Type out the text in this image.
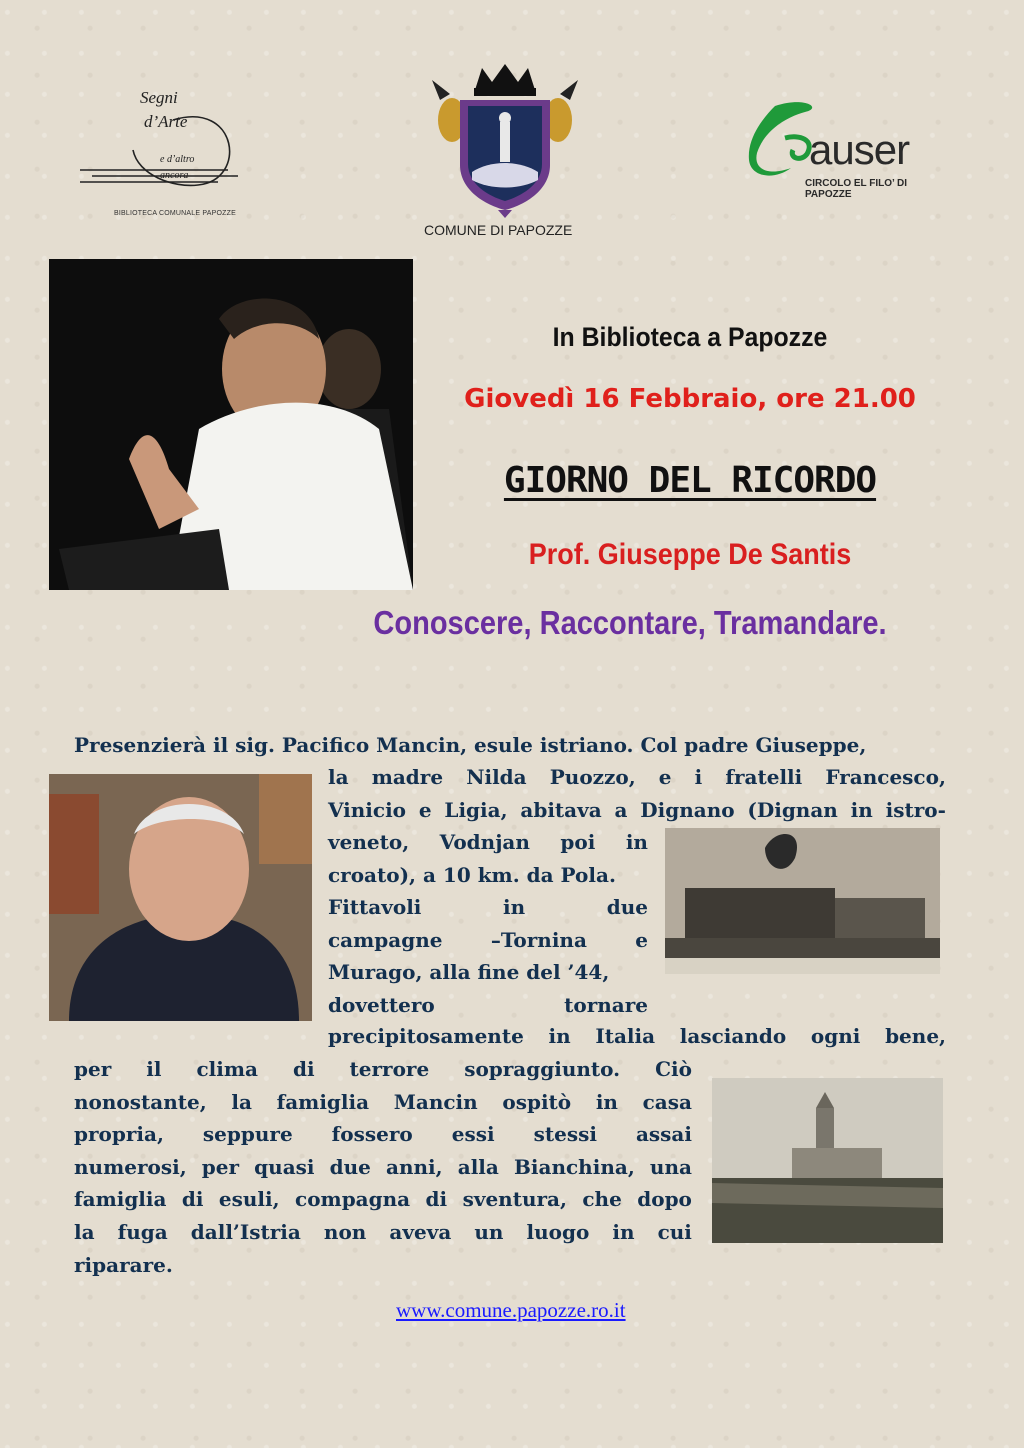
Segni
d’Arte
e d’altro
ancora
BIBLIOTECA COMUNALE PAPOZZE
COMUNE DI PAPOZZE
auser
CIRCOLO EL FILO’ DI PAPOZZE
In Biblioteca a Papozze
Giovedì 16 Febbraio, ore 21.00
GIORNO DEL RICORDO
Prof. Giuseppe De Santis
Conoscere, Raccontare, Tramandare.
Presenzierà il sig. Pacifico Mancin, esule istriano. Col padre Giuseppe,
la madre Nilda Puozzo, e i fratelli Francesco,
Vinicio e Ligia, abitava a Dignano (Dignan in istro-
veneto, Vodnjan poi in
croato), a 10 km. da Pola.
Fittavoli	in	due
campagne –Tornina e
Murago, alla fine del ’44,
dovettero	tornare
precipitosamente in Italia lasciando ogni bene,
per il clima di terrore sopraggiunto. Ciò
nonostante, la famiglia Mancin ospitò in casa
propria, seppure fossero essi stessi assai
numerosi, per quasi due anni, alla Bianchina, una
famiglia di esuli, compagna di sventura, che dopo
la fuga dall’Istria non aveva un luogo in cui
riparare.
www.comune.papozze.ro.it
